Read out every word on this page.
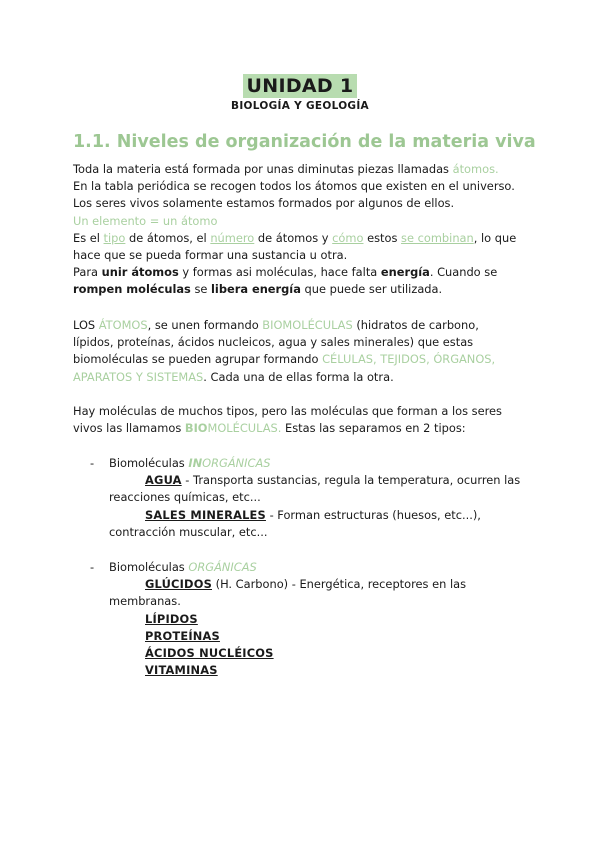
UNIDAD 1
BIOLOGÍA Y GEOLOGÍA
1.1. Niveles de organización de la materia viva
Toda la materia está formada por unas diminutas piezas llamadas átomos.
En la tabla periódica se recogen todos los átomos que existen en el universo.
Los seres vivos solamente estamos formados por algunos de ellos.
Un elemento = un átomo
Es el tipo de átomos, el número de átomos y cómo estos se combinan, lo que
hace que se pueda formar una sustancia u otra.
Para unir átomos y formas asi moléculas, hace falta energía. Cuando se
rompen moléculas se libera energía que puede ser utilizada.
LOS ÁTOMOS, se unen formando BIOMOLÉCULAS (hidratos de carbono,
lípidos, proteínas, ácidos nucleicos, agua y sales minerales) que estas
biomoléculas se pueden agrupar formando CÉLULAS, TEJIDOS, ÓRGANOS,
APARATOS Y SISTEMAS. Cada una de ellas forma la otra.
Hay moléculas de muchos tipos, pero las moléculas que forman a los seres
vivos las llamamos BIOMOLÉCULAS. Estas las separamos en 2 tipos:
- Biomoléculas INORGÁNICAS
AGUA - Transporta sustancias, regula la temperatura, ocurren las
reacciones químicas, etc...
SALES MINERALES - Forman estructuras (huesos, etc...),
contracción muscular, etc...
- Biomoléculas ORGÁNICAS
GLÚCIDOS (H. Carbono) - Energética, receptores en las
membranas.
LÍPIDOS
PROTEÍNAS
ÁCIDOS NUCLÉICOS
VITAMINAS
